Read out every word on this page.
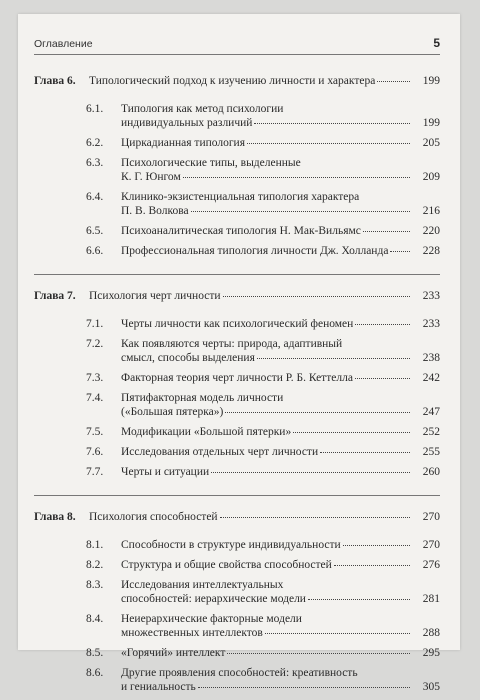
Оглавление	5
Глава 6. Типологический подход к изучению личности и характера	199
6.1. Типология как метод психологии
индивидуальных различий	199
6.2. Циркадианная типология	205
6.3. Психологические типы, выделенные
К. Г. Юнгом	209
6.4. Клинико-экзистенциальная типология характера
П. В. Волкова	216
6.5. Психоаналитическая типология Н. Мак-Вильямс	220
6.6. Профессиональная типология личности Дж. Холланда	228
Глава 7. Психология черт личности	233
7.1. Черты личности как психологический феномен	233
7.2. Как появляются черты: природа, адаптивный
смысл, способы выделения	238
7.3. Факторная теория черт личности Р. Б. Кеттелла	242
7.4. Пятифакторная модель личности
(«Большая пятерка»)	247
7.5. Модификации «Большой пятерки»	252
7.6. Исследования отдельных черт личности	255
7.7. Черты и ситуации	260
Глава 8. Психология способностей	270
8.1. Способности в структуре индивидуальности	270
8.2. Структура и общие свойства способностей	276
8.3. Исследования интеллектуальных
способностей: иерархические модели	281
8.4. Неиерархические факторные модели
множественных интеллектов	288
8.5. «Горячий» интеллект	295
8.6. Другие проявления способностей: креативность
и гениальность	305
